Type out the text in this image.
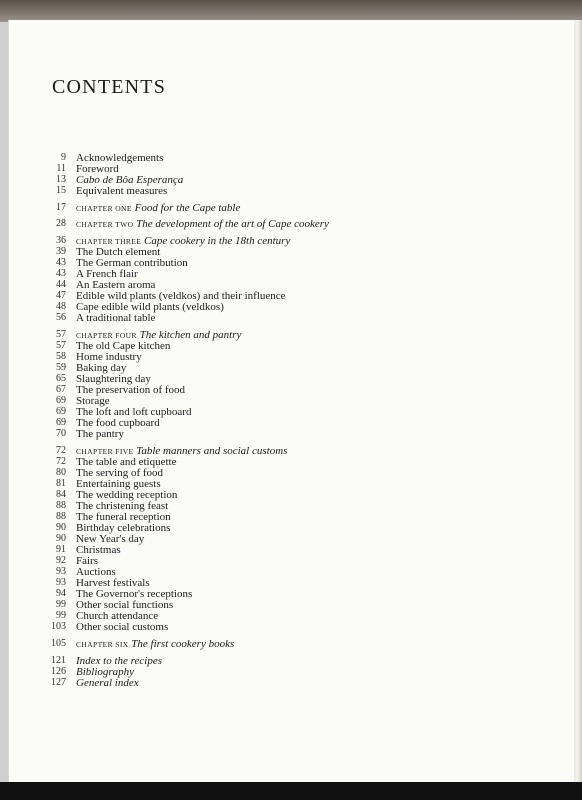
CONTENTS
9 Acknowledgements
11 Foreword
13 Cabo de Bôa Esperança
15 Equivalent measures
17 CHAPTER ONE Food for the Cape table
28 CHAPTER TWO The development of the art of Cape cookery
36 CHAPTER THREE Cape cookery in the 18th century
39 The Dutch element
43 The German contribution
43 A French flair
44 An Eastern aroma
47 Edible wild plants (veldkos) and their influence
48 Cape edible wild plants (veldkos)
56 A traditional table
57 CHAPTER FOUR The kitchen and pantry
57 The old Cape kitchen
58 Home industry
59 Baking day
65 Slaughtering day
67 The preservation of food
69 Storage
69 The loft and loft cupboard
69 The food cupboard
70 The pantry
72 CHAPTER FIVE Table manners and social customs
72 The table and etiquette
80 The serving of food
81 Entertaining guests
84 The wedding reception
88 The christening feast
88 The funeral reception
90 Birthday celebrations
90 New Year's day
91 Christmas
92 Fairs
93 Auctions
93 Harvest festivals
94 The Governor's receptions
99 Other social functions
99 Church attendance
103 Other social customs
105 CHAPTER SIX The first cookery books
121 Index to the recipes
126 Bibliography
127 General index
